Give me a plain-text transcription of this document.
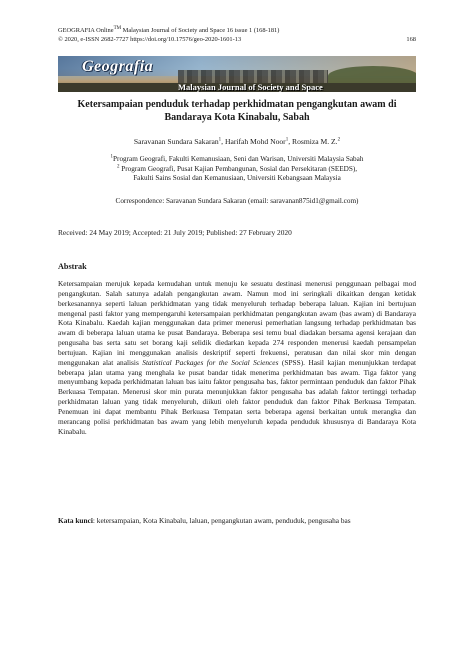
GEOGRAFIA Online™ Malaysian Journal of Society and Space 16 issue 1 (168-181)
© 2020, e-ISSN 2682-7727 https://doi.org/10.17576/geo-2020-1601-13	168
Geografia
Malaysian Journal of Society and Space
Ketersampaian penduduk terhadap perkhidmatan pengangkutan awam di
Bandaraya Kota Kinabalu, Sabah
Saravanan Sundara Sakaran$^1$, Harifah Mohd Noor$^1$, Rosmiza M. Z.$^2$
$^1$Program Geografi, Fakulti Kemanusiaan, Seni dan Warisan, Universiti Malaysia Sabah
$^2$ Program Geografi, Pusat Kajian Pembangunan, Sosial dan Persekitaran (SEEDS),
Fakulti Sains Sosial dan Kemanusiaan, Universiti Kebangsaan Malaysia
Correspondence: Saravanan Sundara Sakaran (email: saravanan875id1@gmail.com)
Received: 24 May 2019; Accepted: 21 July 2019; Published: 27 February 2020
Abstrak
Ketersampaian merujuk kepada kemudahan untuk menuju ke sesuatu destinasi menerusi penggunaan pelbagai mod pengangkutan. Salah satunya adalah pengangkutan awam. Namun mod ini seringkali dikaitkan dengan ketidak berkesanannya seperti laluan perkhidmatan yang tidak menyeluruh terhadap beberapa laluan. Kajian ini bertujuan mengenal pasti faktor yang mempengaruhi ketersampaian perkhidmatan pengangkutan awam (bas awam) di Bandaraya Kota Kinabalu. Kaedah kajian menggunakan data primer menerusi pemerhatian langsung terhadap perkhidmatan bas awam di beberapa laluan utama ke pusat Bandaraya. Beberapa sesi temu bual diadakan bersama agensi kerajaan dan pengusaha bas serta satu set borang kaji selidik diedarkan kepada 274 responden menerusi kaedah pensampelan bertujuan. Kajian ini menggunakan analisis deskriptif seperti frekuensi, peratusan dan nilai skor min dengan menggunakan alat analisis Statistical Packages for the Social Sciences (SPSS). Hasil kajian menunjukkan terdapat beberapa jalan utama yang menghala ke pusat bandar tidak menerima perkhidmatan bas awam. Tiga faktor yang menyumbang kepada perkhidmatan laluan bas iaitu faktor pengusaha bas, faktor permintaan penduduk dan faktor Pihak Berkuasa Tempatan. Menerusi skor min purata menunjukkan faktor pengusaha bas adalah faktor tertinggi terhadap perkhidmatan laluan yang tidak menyeluruh, diikuti oleh faktor penduduk dan faktor Pihak Berkuasa Tempatan. Penemuan ini dapat membantu Pihak Berkuasa Tempatan serta beberapa agensi berkaitan untuk merangka dan merancang polisi perkhidmatan bas awam yang lebih menyeluruh kepada penduduk khususnya di Bandaraya Kota Kinabalu.
Kata kunci: ketersampaian, Kota Kinabalu, laluan, pengangkutan awam, penduduk, pengusaha bas
